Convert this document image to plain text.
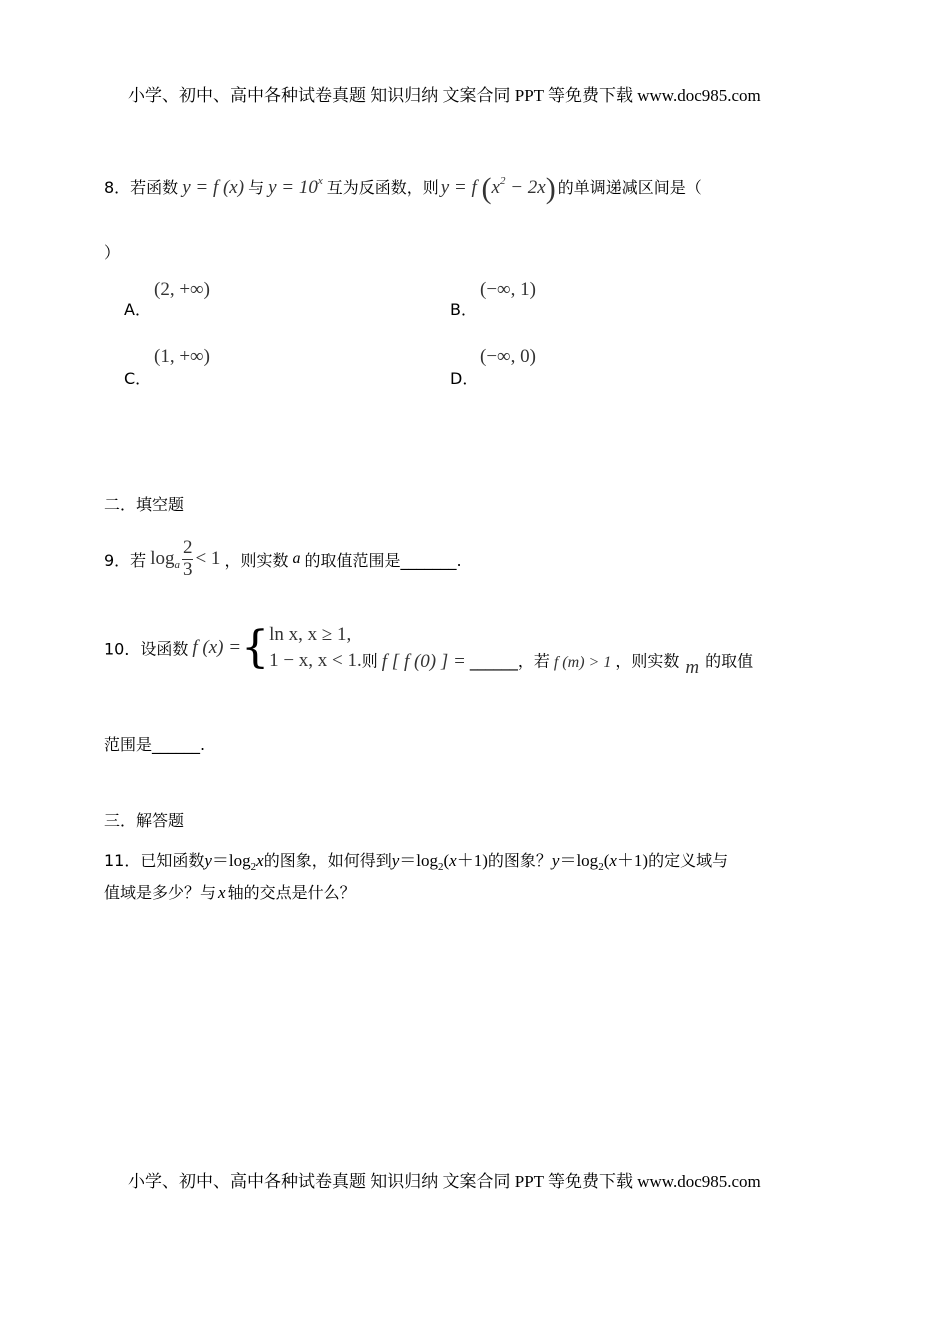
小学、初中、高中各种试卷真题 知识归纳 文案合同 PPT 等免费下载 www.doc985.com
8．若函数 y = f (x) 与 $y = 10^x$ 互为反函数，则 y = f $(x^2 - 2x)$ 的单调递减区间是（
）
A．
(2, +∞)
B．
(−∞, 1)
C．
(1, +∞)
D．
(−∞, 0)
二．填空题
9．若 $\log_a \frac{2}{3} < 1$ ，则实数 a 的取值范围是_______.
10．设函数 f (x) ={ ln x, x ≥ 1,
1 − x, x < 1. 则 f [ f (0) ] = ______，若 f (m) > 1 ，则实数 m 的取值
范围是______.
三．解答题
11．已知函数$y=\log_2x$的图象，如何得到$y=\log_2(x+1)$的图象？$y=\log_2(x+1)$的定义域与
值域是多少？与 x 轴的交点是什么？
小学、初中、高中各种试卷真题 知识归纳 文案合同 PPT 等免费下载 www.doc985.com
